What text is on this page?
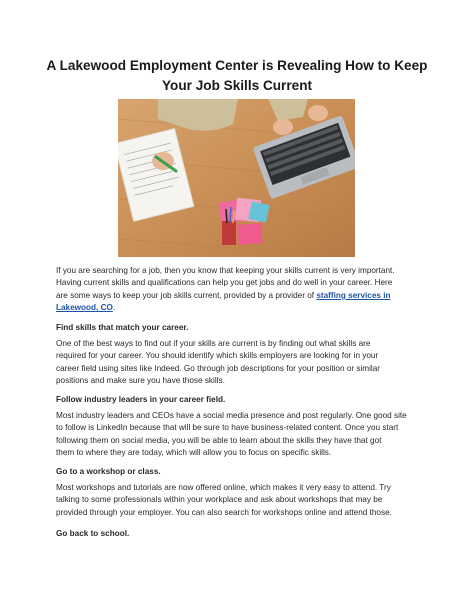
A Lakewood Employment Center is Revealing How to Keep
Your Job Skills Current
If you are searching for a job, then you know that keeping your skills current is very important.
Having current skills and qualifications can help you get jobs and do well in your career. Here
are some ways to keep your job skills current, provided by a provider of staffing services in
Lakewood, CO.
Find skills that match your career.
One of the best ways to find out if your skills are current is by finding out what skills are
required for your career. You should identify which skills employers are looking for in your
career field using sites like Indeed. Go through job descriptions for your position or similar
positions and make sure you have those skills.
Follow industry leaders in your career field.
Most industry leaders and CEOs have a social media presence and post regularly. One good site
to follow is LinkedIn because that will be sure to have business-related content. Once you start
following them on social media, you will be able to learn about the skills they have that got
them to where they are today, which will allow you to focus on specific skills.
Go to a workshop or class.
Most workshops and tutorials are now offered online, which makes it very easy to attend. Try
talking to some professionals within your workplace and ask about workshops that may be
provided through your employer. You can also search for workshops online and attend those.
Go back to school.
